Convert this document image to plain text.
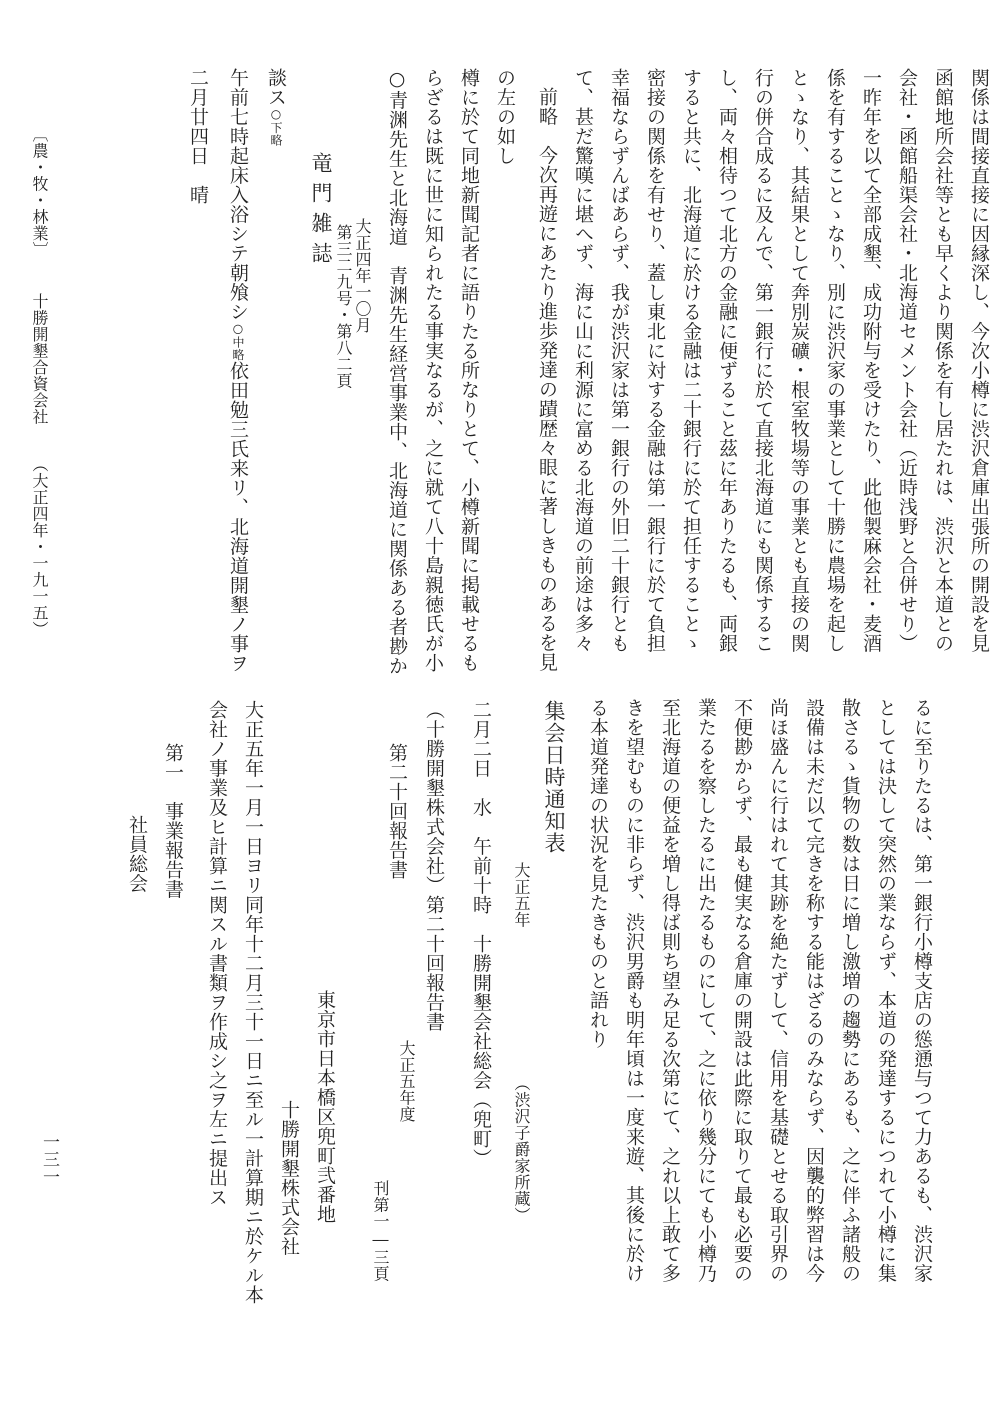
二月廿四日　晴 午前七時起床入浴シテ朝飧シ○中略依田勉三氏来リ、北海道開墾ノ事ヲ
談ス○下略
竜門雑誌
第三二九号・第八二頁 大正四年一〇月 ○青渊先生と北海道　青渊先生経営事業中、北海道に関係ある者尠か らざるは既に世に知られたる事実なるが、之に就て八十島親徳氏が小 樽に於て同地新聞記者に語りたる所なりとて、小樽新聞に掲載せるも の左の如し 前略　今次再遊にあたり進歩発達の蹟歴々眼に著しきものあるを見 て、甚だ驚嘆に堪へず、海に山に利源に富める北海道の前途は多々 幸福ならずんばあらず、我が渋沢家は第一銀行の外旧二十銀行とも 密接の関係を有せり、蓋し東北に対する金融は第一銀行に於て負担 すると共に、北海道に於ける金融は二十銀行に於て担任することゝ し、両々相待つて北方の金融に便ずること茲に年ありたるも、両銀 行の併合成るに及んで、第一銀行に於て直接北海道にも関係するこ とゝなり、其結果として奔別炭礦・根室牧場等の事業とも直接の関 係を有することゝなり、別に渋沢家の事業として十勝に農場を起し 一昨年を以て全部成墾、成功附与を受けたり、此他製麻会社・麦酒 会社・函館船渠会社・北海道セメント会社（近時浅野と合併せり） 函館地所会社等とも早くより関係を有し居たれは、渋沢と本道との 関係は間接直接に因縁深し、今次小樽に渋沢倉庫出張所の開設を見
〔農・牧・林業〕
十勝開墾合資会社
（大正四年・一九一五）
るに至りたるは、第一銀行小樽支店の慫慂与つて力あるも、渋沢家
としては決して突然の業ならず、本道の発達するにつれて小樽に集
散さるゝ貨物の数は日に増し激増の趨勢にあるも、之に伴ふ諸般の
設備は未だ以て完きを称する能はざるのみならず、因襲的弊習は今
尚ほ盛んに行はれて其跡を絶たずして、信用を基礎とせる取引界の
不便尠からず、最も健実なる倉庫の開設は此際に取りて最も必要の
業たるを察したるに出たるものにして、之に依り幾分にても小樽乃
至北海道の便益を増し得ば則ち望み足る次第にて、之れ以上敢て多
きを望むものに非らず、渋沢男爵も明年頃は一度来遊、其後に於け
る本道発達の状況を見たきものと語れり
集会日時通知表
大正五年
（渋沢子爵家所蔵）
二月二日　水　午前十時　十勝開墾会社総会（兜町）
（十勝開墾株式会社）第二十回報告書
大正五年度
刊第一―三頁
第二十回報告書
東京市日本橋区兜町弐番地
十勝開墾株式会社
大正五年一月一日ヨリ同年十二月三十一日ニ至ル一計算期ニ於ケル本
会社ノ事業及ヒ計算ニ関スル書類ヲ作成シ之ヲ左ニ提出ス
第一　事業報告書
社員総会
一三一
